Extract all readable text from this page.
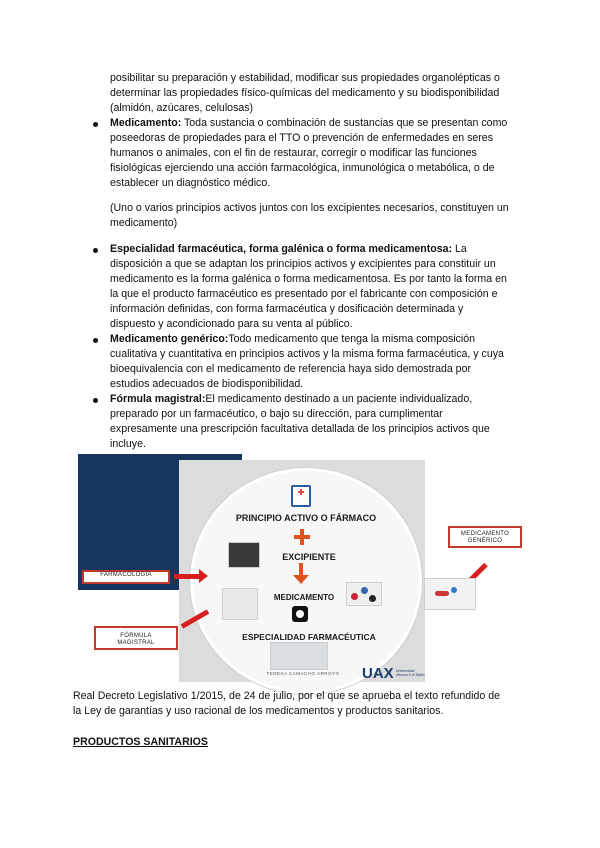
posibilitar su preparación y estabilidad, modificar sus propiedades organolépticas o

determinar las propiedades físico-químicas del medicamento y su biodisponibilidad

(almidón, azúcares, celulosas)

Medicamento: Toda sustancia o combinación de sustancias que se presentan como

poseedoras de propiedades para el TTO o prevención de enfermedades en seres

humanos o animales, con el fin de restaurar, corregir o modificar las funciones

fisiológicas ejerciendo una acción farmacológica, inmunológica o metabólica, o de

establecer un diagnóstico médico.

(Uno o varios principios activos juntos con los excipientes necesarios, constituyen un

medicamento)

Especialidad farmacéutica, forma galénica o forma medicamentosa: La

disposición a que se adaptan los principios activos y excipientes para constituir un

medicamento es la forma galénica o forma medicamentosa. Es por tanto la forma en

la que el producto farmacéutico es presentado por el fabricante con composición e

información definidas, con forma farmacéutica y dosificación determinada y

dispuesto y acondicionado para su venta al público.

Medicamento genérico:Todo medicamento que tenga la misma composición

cualitativa y cuantitativa en principios activos y la misma forma farmacéutica, y cuya

bioequivalencia con el medicamento de referencia haya sido demostrada por

estudios adecuados de biodisponibilidad.

Fórmula magistral:El medicamento destinado a un paciente individualizado,

preparado por un farmacéutico, o bajo su dirección, para cumplimentar

expresamente una prescripción facultativa detallada de los principios activos que

incluye.

PRINCIPIO ACTIVO O FÁRMACO
EXCIPIENTE
MEDICAMENTO
ESPECIALIDAD FARMACÉUTICA
TERESA CAMACHO ARROYO	UAX Universidad
Alfonso X el Sabio
FARMACOLOGÍA
FÓRMULA
MAGISTRAL
MEDICAMENTO
GENÉRICO

Real Decreto Legislativo 1/2015, de 24 de julio, por el que se aprueba el texto refundido de

la Ley de garantías y uso racional de los medicamentos y productos sanitarios.

PRODUCTOS SANITARIOS
